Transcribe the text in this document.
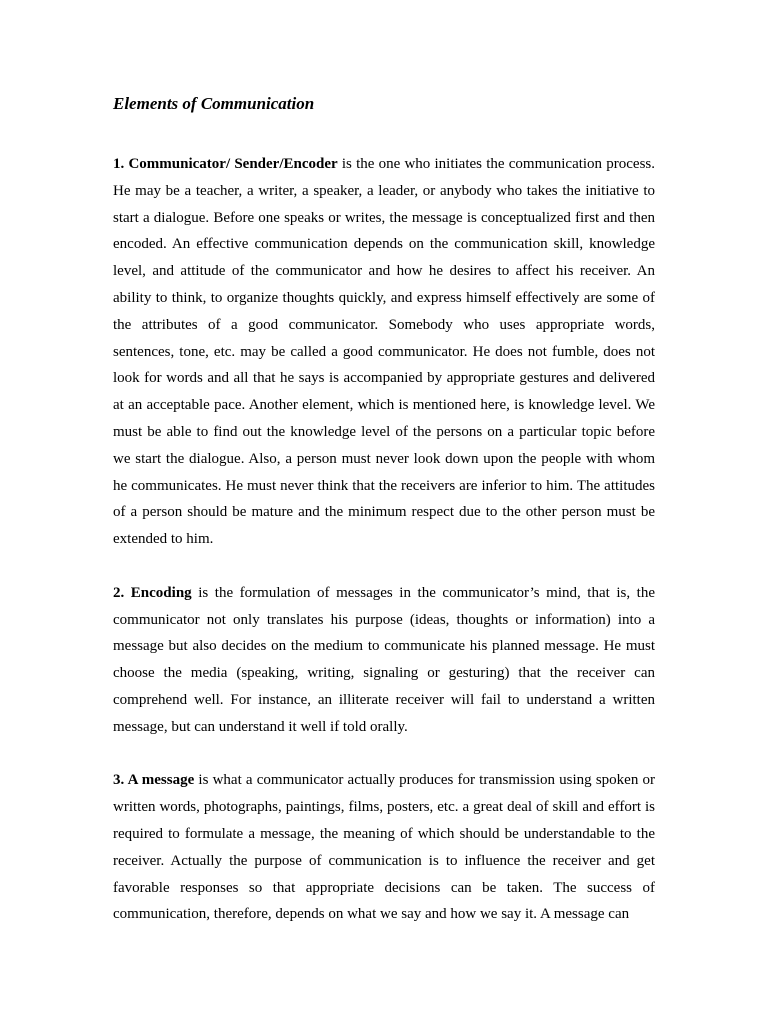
Elements of Communication
1. Communicator/ Sender/Encoder is the one who initiates the communication process.
He may be a teacher, a writer, a speaker, a leader, or anybody who takes the initiative to
start a dialogue. Before one speaks or writes, the message is conceptualized first and then
encoded. An effective communication depends on the communication skill, knowledge
level, and attitude of the communicator and how he desires to affect his receiver. An
ability to think, to organize thoughts quickly, and express himself effectively are some of
the attributes of a good communicator. Somebody who uses appropriate words,
sentences, tone, etc. may be called a good communicator. He does not fumble, does not
look for words and all that he says is accompanied by appropriate gestures and delivered
at an acceptable pace. Another element, which is mentioned here, is knowledge level. We
must be able to find out the knowledge level of the persons on a particular topic before
we start the dialogue. Also, a person must never look down upon the people with whom
he communicates. He must never think that the receivers are inferior to him. The attitudes
of a person should be mature and the minimum respect due to the other person must be
extended to him.
2. Encoding is the formulation of messages in the communicator’s mind, that is, the
communicator not only translates his purpose (ideas, thoughts or information) into a
message but also decides on the medium to communicate his planned message. He must
choose the media (speaking, writing, signaling or gesturing) that the receiver can
comprehend well. For instance, an illiterate receiver will fail to understand a written
message, but can understand it well if told orally.
3. A message is what a communicator actually produces for transmission using spoken or
written words, photographs, paintings, films, posters, etc. a great deal of skill and effort is
required to formulate a message, the meaning of which should be understandable to the
receiver. Actually the purpose of communication is to influence the receiver and get
favorable responses so that appropriate decisions can be taken. The success of
communication, therefore, depends on what we say and how we say it. A message can
